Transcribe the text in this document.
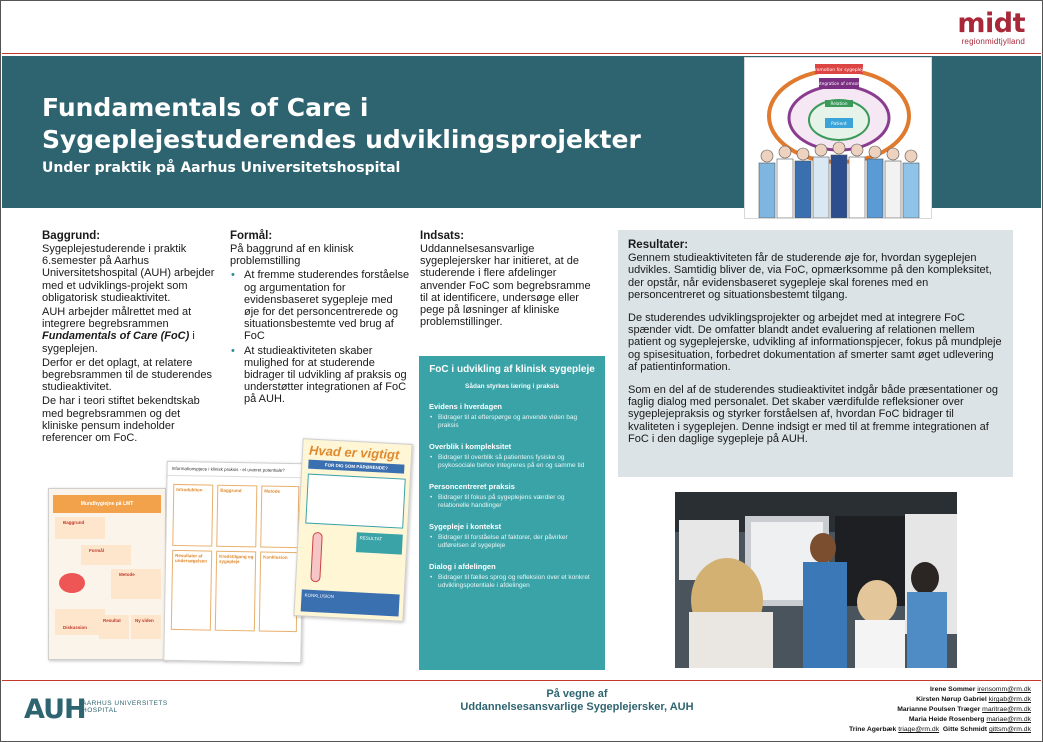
midt
regionmidtjylland
Fundamentals of Care i
Sygeplejestuderendes udviklingsprojekter
Under praktik på Aarhus Universitetshospital
Promotion for sygepleje
Integration af omsorg
Relation
Patient
Baggrund:

Sygeplejestuderende i praktik 6.semester på Aarhus Universitetshospital (AUH) arbejder med et udviklings-projekt som obligatorisk studieaktivitet.

AUH arbejder målrettet med at integrere begrebsrammen Fundamentals of Care (FoC) i sygeplejen.

Derfor er det oplagt, at relatere begrebsrammen til de studerendes studieaktivitet.

De har i teori stiftet bekendtskab med begrebsrammen og det kliniske pensum indeholder referencer om FoC.

Formål:

På baggrund af en klinisk problemstilling

• At fremme studerendes forståelse og argumentation for evidensbaseret sygepleje med øje for det personcentrerede og situationsbestemte ved brug af FoC
• At studieaktiviteten skaber mulighed for at studerende bidrager til udvikling af praksis og understøtter integrationen af FoC på AUH.
Indsats:

Uddannelsesansvarlige sygeplejersker har initieret, at de studerende i flere afdelinger anvender FoC som begrebsramme til at identificere, undersøge eller pege på løsninger af kliniske problemstillinger.

Resultater:

Gennem studieaktiviteten får de studerende øje for, hvordan sygeplejen udvikles. Samtidig bliver de, via FoC, opmærksomme på den kompleksitet, der opstår, når evidensbaseret sygepleje skal forenes med en personcentreret og situationsbestemt tilgang.

De studerendes udviklingsprojekter og arbejdet med at integrere FoC spænder vidt. De omfatter blandt andet evaluering af relationen mellem patient og sygeplejerske, udvikling af informationspjecer, fokus på mundpleje og spisesituation, forbedret dokumentation af smerter samt øget udlevering af patientinformation.

Som en del af de studerendes studieaktivitet indgår både præsentationer og faglig dialog med personalet. Det skaber værdifulde refleksioner over sygeplejepraksis og styrker forståelsen af, hvordan FoC bidrager til kvaliteten i sygeplejen. Denne indsigt er med til at fremme integrationen af FoC i den daglige sygepleje på AUH.

FoC i udvikling af klinisk sygepleje
Sådan styrkes læring i praksis
Evidens i hverdagen
• Bidrager til at efterspørge og anvende viden bag praksis
Overblik i kompleksitet
• Bidrager til overblik så patientens fysiske og psykosociale behov integreres på en og samme tid
Personcentreret praksis
• Bidrager til fokus på sygeplejens værdier og relationelle handlinger
Sygepleje i kontekst
• Bidrager til forståelse af faktorer, der påvirker udførelsen af sygepleje
Dialog i afdelingen
• Bidrager til fælles sprog og refleksion over et konkret udviklingspotentiale i afdelingen
Mundhygiejne på LMT
Baggrund
Formål
Metode
Diskussion
Resultat	Ny viden
Informationspjece i klinisk praksis - et uværet potentiale?
Introduktion	Baggrund	Metode
Resultater af undersøgelsen
Kredstilgang og sygepleje
Konklusion
Hvad er vigtigt
FOR DIG SOM PÅRØRENDE?
RESULTAT
KONKLUSION
AUH
AARHUS UNIVERSITETS HOSPITAL
På vegne af
Uddannelsesansvarlige Sygeplejersker, AUH
Irene Sommer irensomm@rm.dk
Kirsten Nørup Gabriel kirgab@rm.dk
Marianne Poulsen Træger maritrae@rm.dk
Maria Heide Rosenberg mariae@rm.dk
Trine Agerbæk triage@rm.dk Gitte Schmidt gittsm@rm.dk
